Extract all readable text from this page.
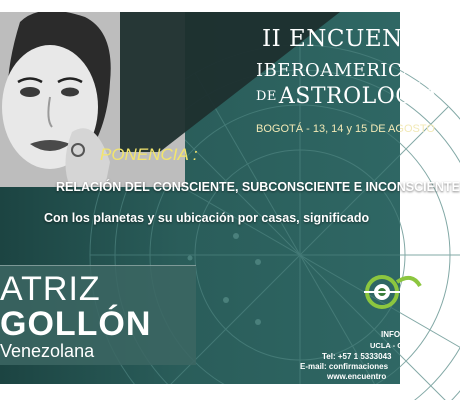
II ENCUENTRO
IBEROAMERICANO
DEASTROLOGÍA
BOGOTÁ - 13, 14 y 15 DE AGOSTO
PONENCIA :
RELACIÓN DEL CONSCIENTE, SUBCONSCIENTE E INCONSCIENTE
Con los planetas y su ubicación por casas, significado
ATRIZ
GOLLÓN
Venezolana
INFO
UCLA - C
Tel: +57 1 5333043
E-mail: confirmaciones
www.encuentro
